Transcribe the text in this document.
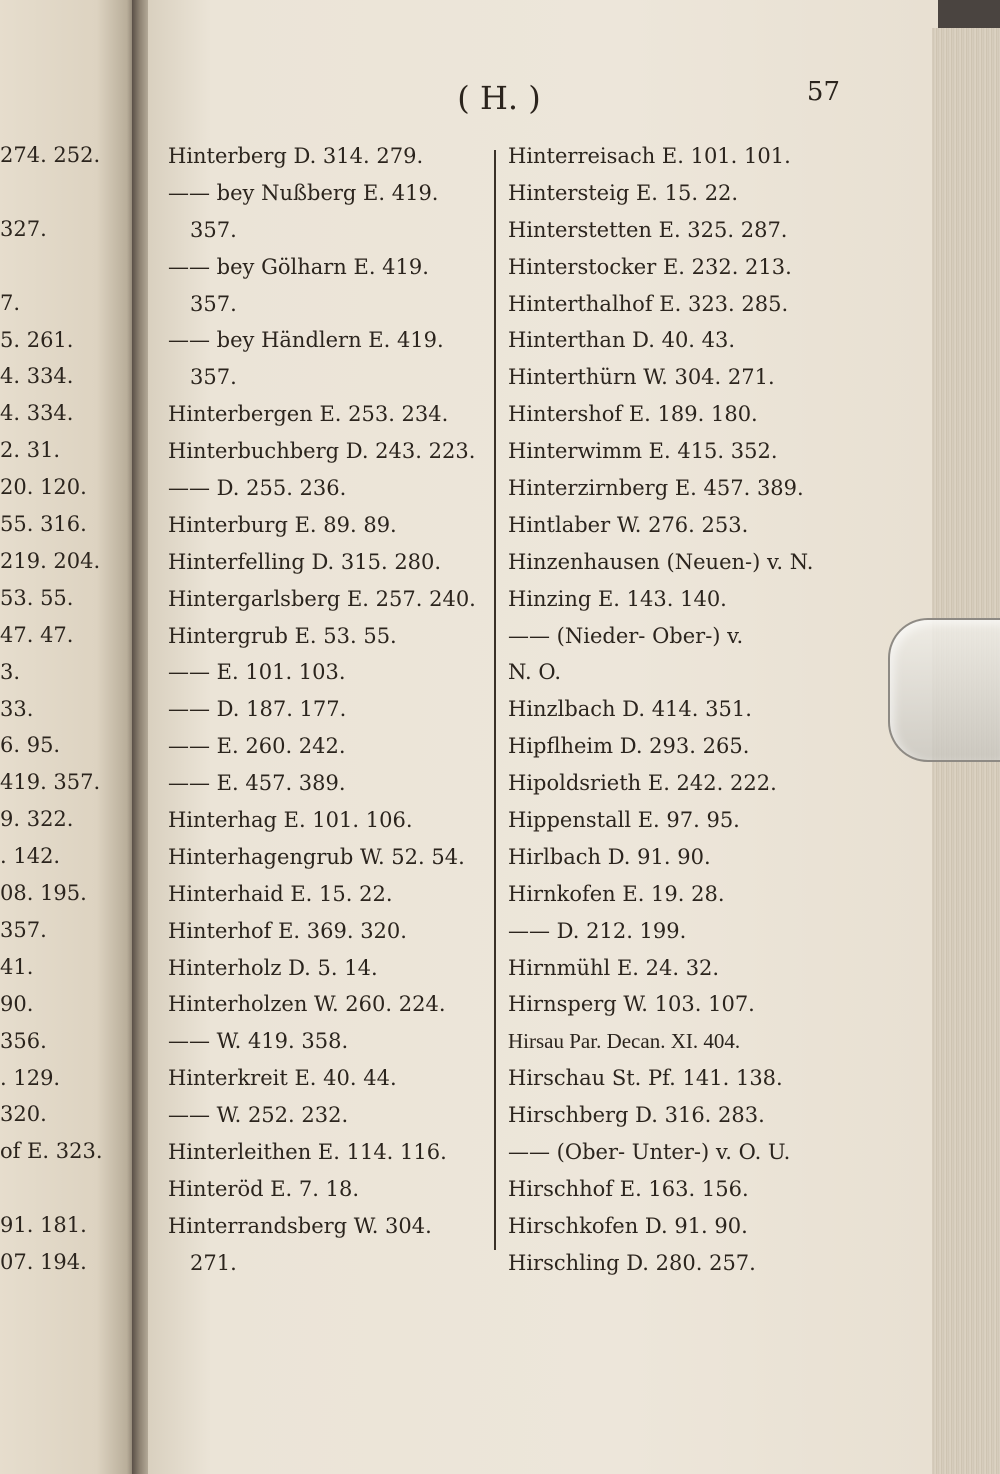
274. 252.
327.
7.
5. 261.
4. 334.
4. 334.
2. 31.
20. 120.
55. 316.
219. 204.
53. 55.
47. 47.
3.
33.
6. 95.
419. 357.
9. 322.
. 142.
08. 195.
357.
41.
90.
356.
. 129.
320.
of E. 323.
91. 181.
07. 194.
( H. )	57
Hinterberg D. 314. 279.
—— bey Nußberg E. 419.
357.
—— bey Gölharn E. 419.
357.
—— bey Händlern E. 419.
357.
Hinterbergen E. 253. 234.
Hinterbuchberg D. 243. 223.
—— D. 255. 236.
Hinterburg E. 89. 89.
Hinterfelling D. 315. 280.
Hintergarlsberg E. 257. 240.
Hintergrub E. 53. 55.
—— E. 101. 103.
—— D. 187. 177.
—— E. 260. 242.
—— E. 457. 389.
Hinterhag E. 101. 106.
Hinterhagengrub W. 52. 54.
Hinterhaid E. 15. 22.
Hinterhof E. 369. 320.
Hinterholz D. 5. 14.
Hinterholzen W. 260. 224.
—— W. 419. 358.
Hinterkreit E. 40. 44.
—— W. 252. 232.
Hinterleithen E. 114. 116.
Hinteröd E. 7. 18.
Hinterrandsberg W. 304.
271.
Hinterreisach E. 101. 101.
Hintersteig E. 15. 22.
Hinterstetten E. 325. 287.
Hinterstocker E. 232. 213.
Hinterthalhof E. 323. 285.
Hinterthan D. 40. 43.
Hinterthürn W. 304. 271.
Hintershof E. 189. 180.
Hinterwimm E. 415. 352.
Hinterzirnberg E. 457. 389.
Hintlaber W. 276. 253.
Hinzenhausen (Neuen-) v. N.
Hinzing E. 143. 140.
—— (Nieder- Ober-) v.
N. O.
Hinzlbach D. 414. 351.
Hipflheim D. 293. 265.
Hipoldsrieth E. 242. 222.
Hippenstall E. 97. 95.
Hirlbach D. 91. 90.
Hirnkofen E. 19. 28.
—— D. 212. 199.
Hirnmühl E. 24. 32.
Hirnsperg W. 103. 107.
Hirsau Par. Decan. XI. 404.
Hirschau St. Pf. 141. 138.
Hirschberg D. 316. 283.
—— (Ober- Unter-) v. O. U.
Hirschhof E. 163. 156.
Hirschkofen D. 91. 90.
Hirschling D. 280. 257.
